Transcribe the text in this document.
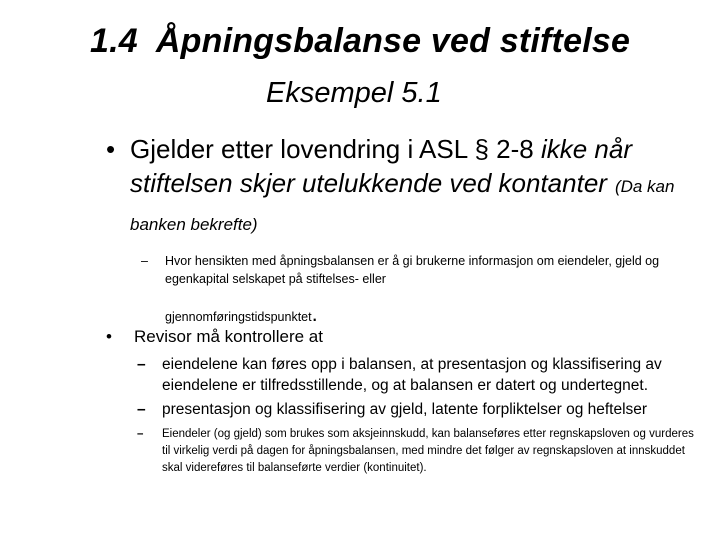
1.4 Åpningsbalanse ved stiftelse
Eksempel 5.1
• Gjelder etter lovendring i ASL § 2-8 ikke når stiftelsen skjer utelukkende ved kontanter (Da kan banken bekrefte)
– Hvor hensikten med åpningsbalansen er å gi brukerne informasjon om eiendeler, gjeld og egenkapital selskapet på stiftelses- eller
gjennomføringstidspunktet.
• Revisor må kontrollere at
– eiendelene kan føres opp i balansen, at presentasjon og klassifisering av eiendelene er tilfredsstillende, og at balansen er datert og undertegnet.
– presentasjon og klassifisering av gjeld, latente forpliktelser og heftelser
– Eiendeler (og gjeld) som brukes som aksjeinnskudd, kan balanseføres etter regnskapsloven og vurderes til virkelig verdi på dagen for åpningsbalansen, med mindre det følger av regnskapsloven at innskuddet skal videreføres til balanseførte verdier (kontinuitet).
